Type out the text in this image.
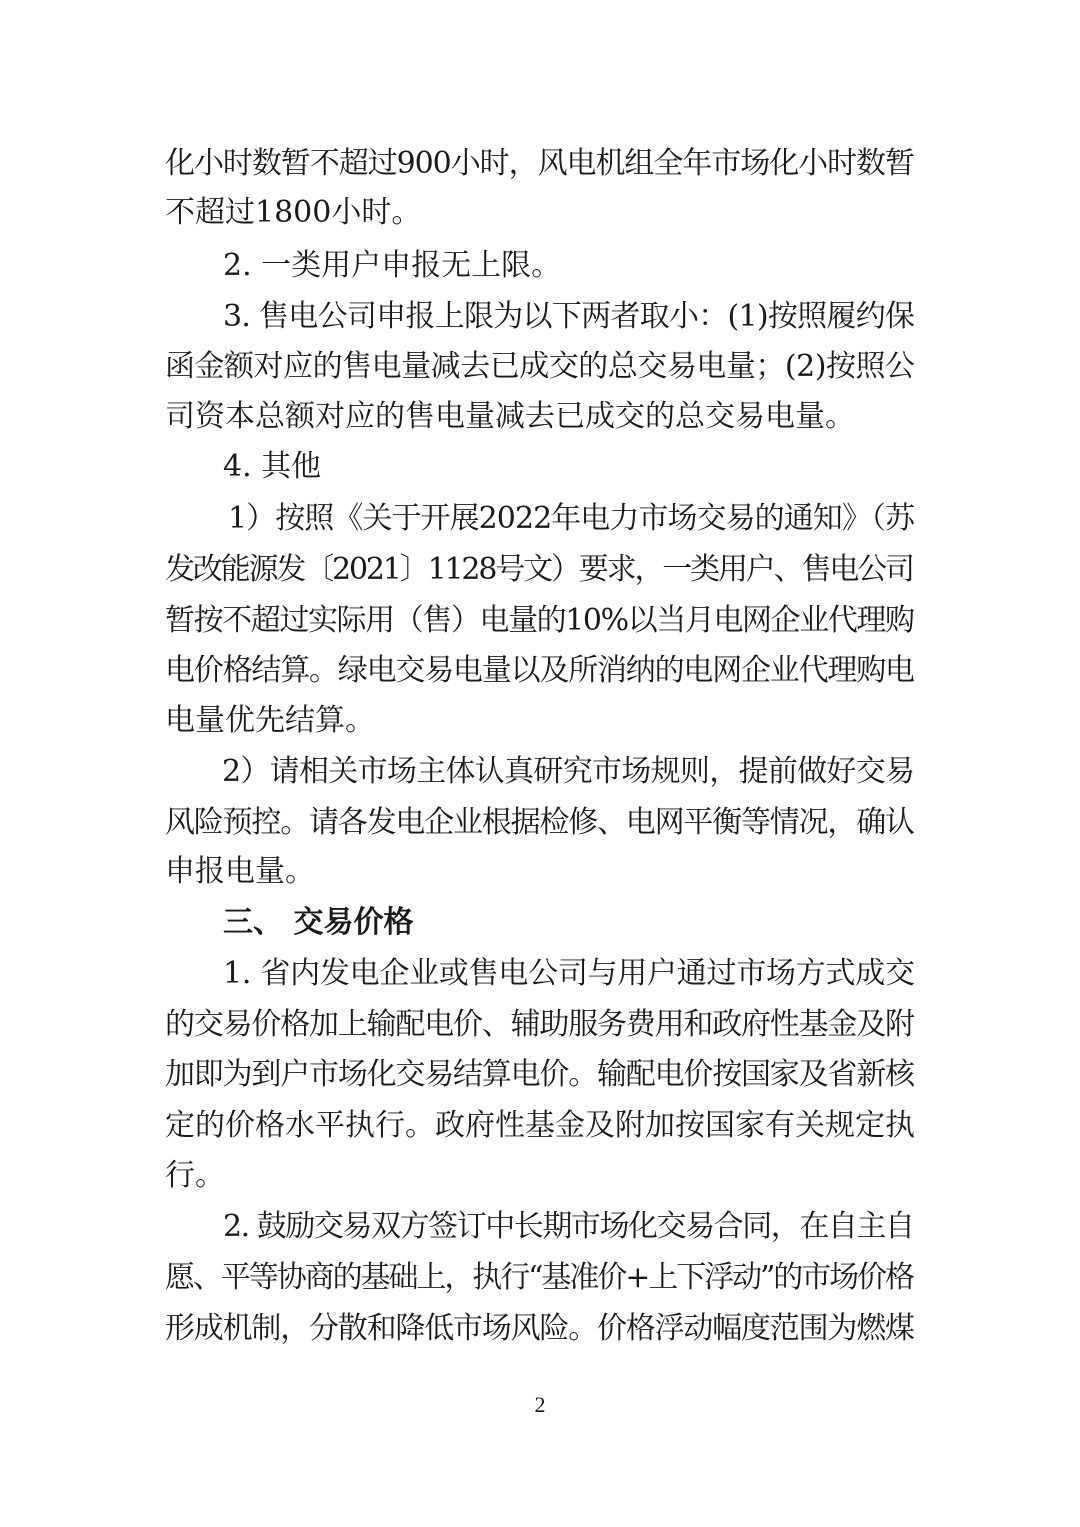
化小时数暂不超过900小时，风电机组全年市场化小时数暂
不超过1800小时。
2. 一类用户申报无上限。
3. 售电公司申报上限为以下两者取小：(1)按照履约保
函金额对应的售电量减去已成交的总交易电量；(2)按照公
司资本总额对应的售电量减去已成交的总交易电量。
4. 其他
1）按照《关于开展2022年电力市场交易的通知》（苏
发改能源发〔2021〕1128号文）要求，一类用户、售电公司
暂按不超过实际用（售）电量的10%以当月电网企业代理购
电价格结算。绿电交易电量以及所消纳的电网企业代理购电
电量优先结算。
2）请相关市场主体认真研究市场规则，提前做好交易
风险预控。请各发电企业根据检修、电网平衡等情况，确认
申报电量。
三、 交易价格
1. 省内发电企业或售电公司与用户通过市场方式成交
的交易价格加上输配电价、辅助服务费用和政府性基金及附
加即为到户市场化交易结算电价。输配电价按国家及省新核
定的价格水平执行。政府性基金及附加按国家有关规定执
行。
2. 鼓励交易双方签订中长期市场化交易合同，在自主自
愿、平等协商的基础上，执行“基准价+上下浮动”的市场价格
形成机制，分散和降低市场风险。价格浮动幅度范围为燃煤
2
